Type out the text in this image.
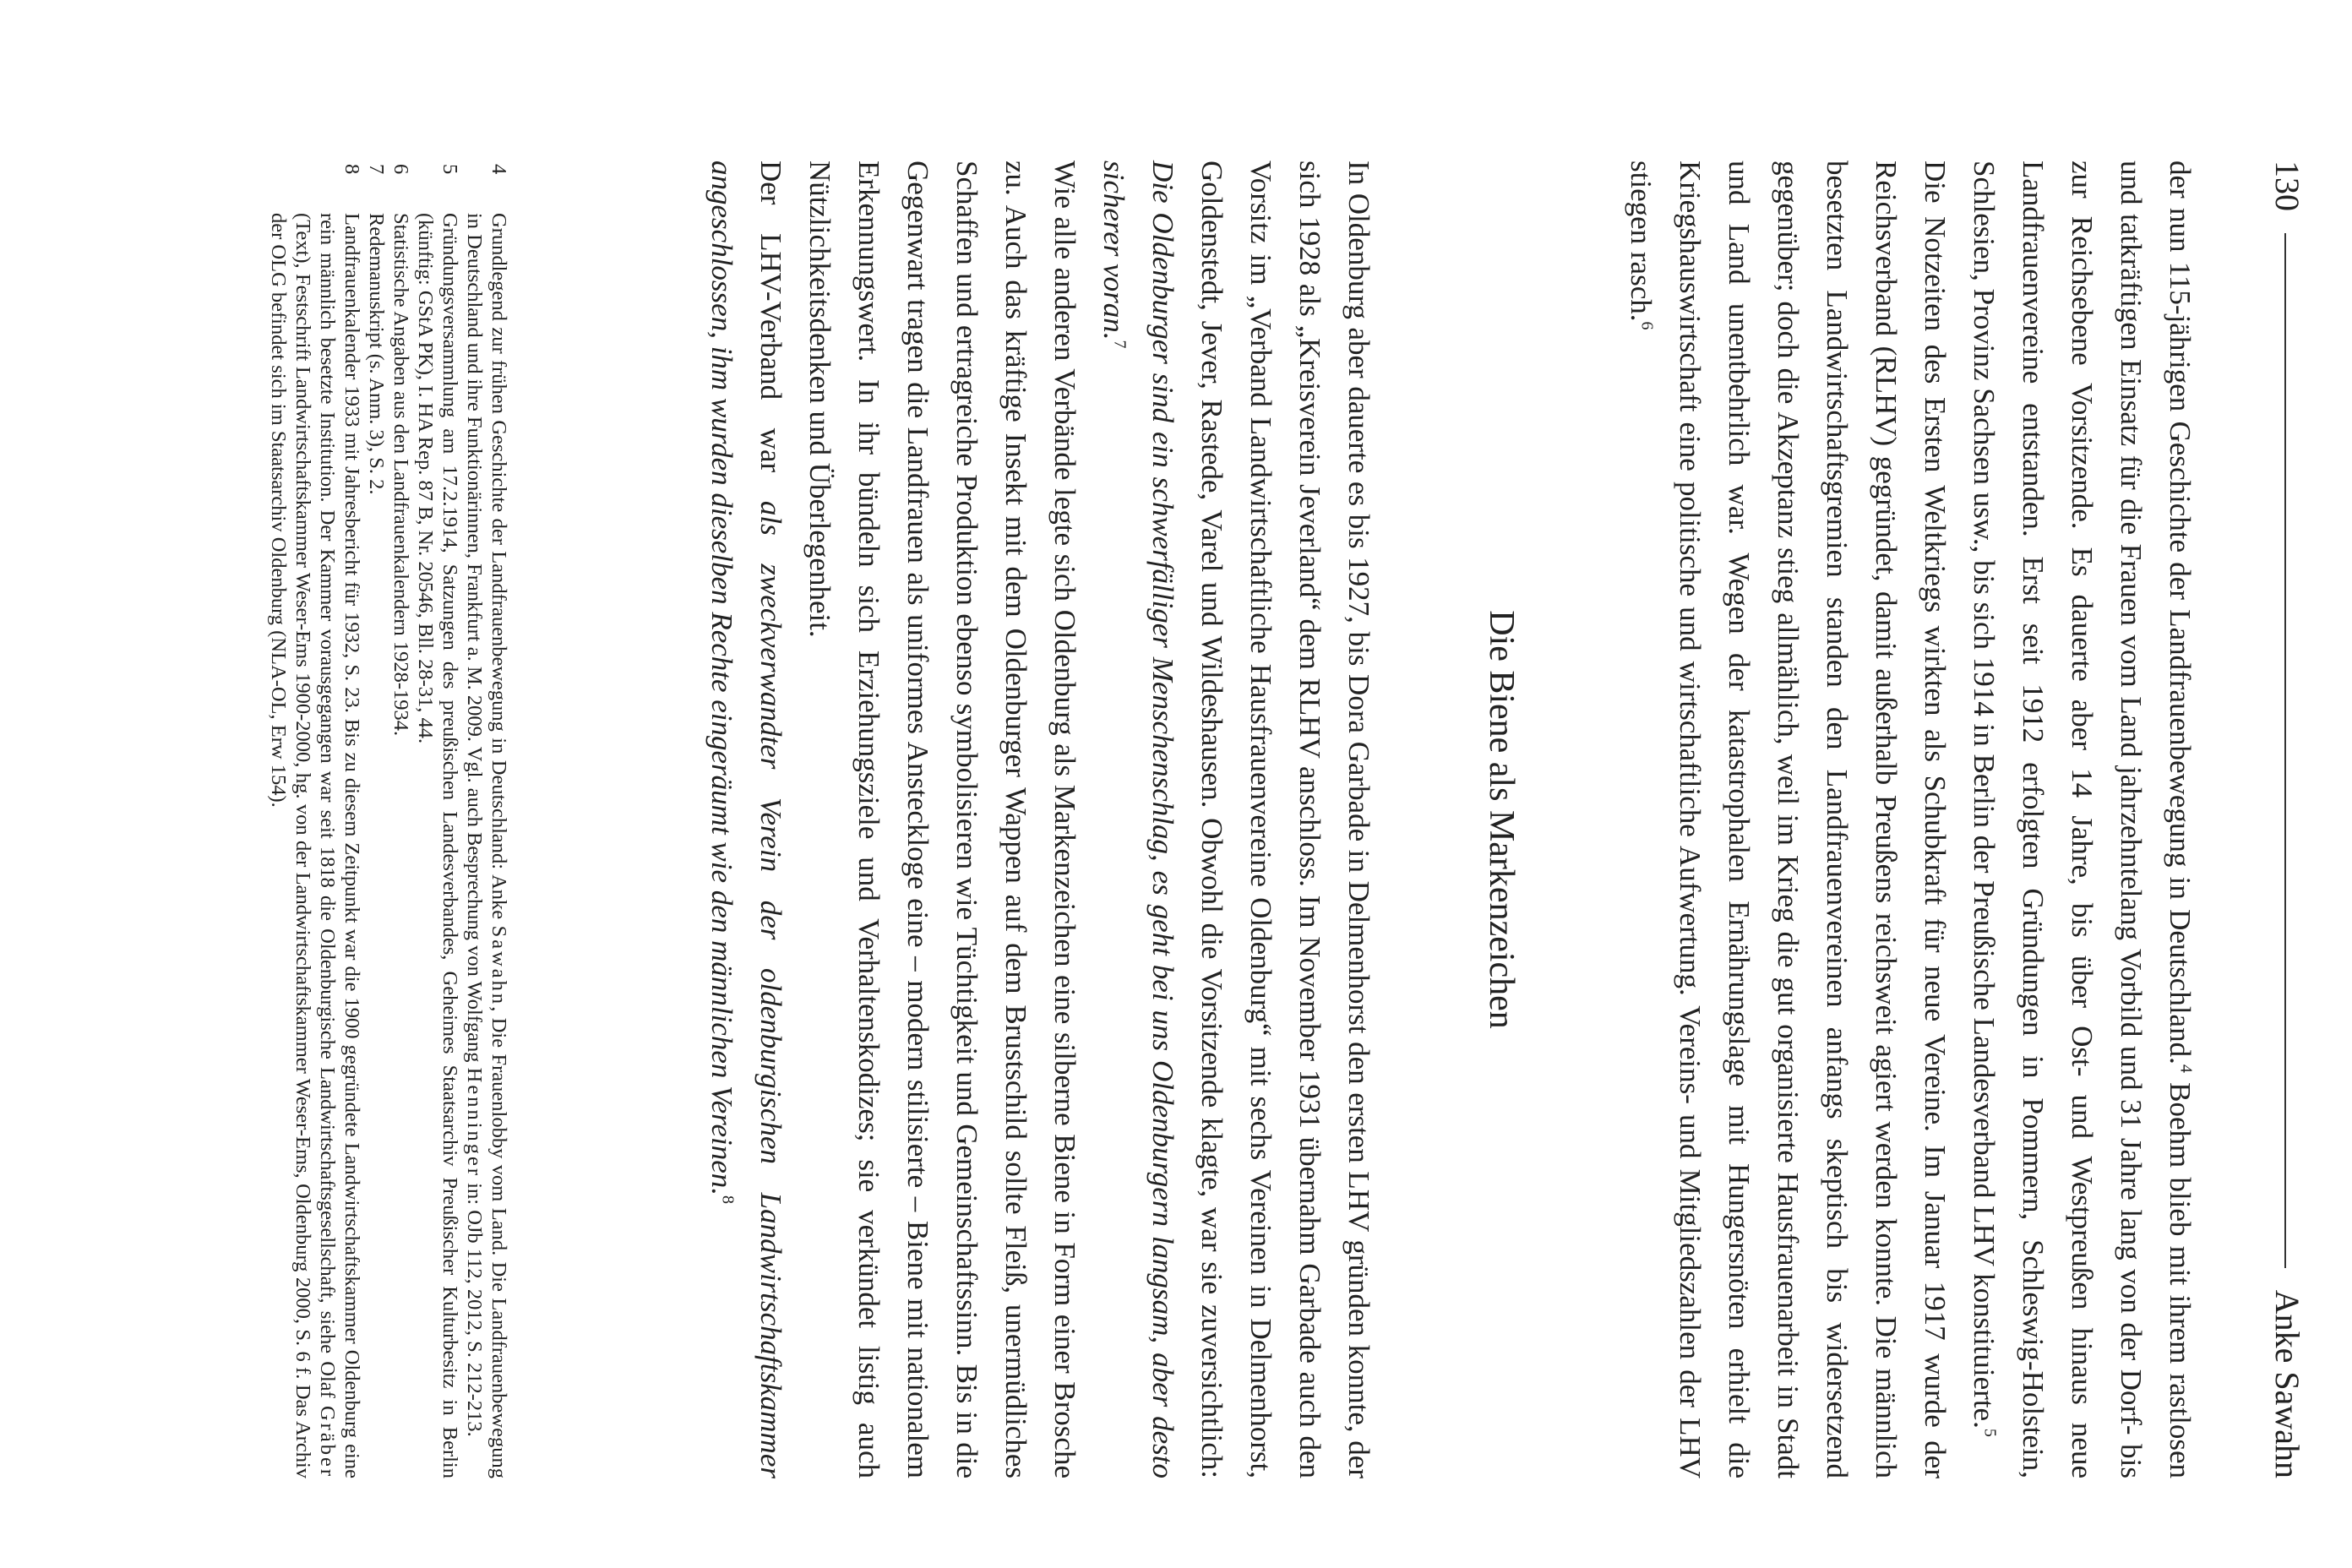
130
Anke Sawahn

der nun 115-jährigen Geschichte der Landfrauenbewegung in Deutschland.$^4$ Boehm blieb mit ihrem rastlosen und tatkräftigen Einsatz für die Frauen vom Land jahrzehntelang Vorbild und 31 Jahre lang von der Dorf- bis zur Reichsebene Vorsitzende. Es dauerte aber 14 Jahre, bis über Ost- und Westpreußen hinaus neue Landfrauenvereine entstanden. Erst seit 1912 erfolgten Gründungen in Pommern, Schleswig-Holstein, Schlesien, Provinz Sachsen usw., bis sich 1914 in Berlin der Preußische Landesverband LHV konstituierte.$^5$

Die Notzeiten des Ersten Weltkriegs wirkten als Schubkraft für neue Vereine. Im Januar 1917 wurde der Reichsverband (RLHV) gegründet, damit außerhalb Preußens reichsweit agiert werden konnte. Die männlich besetzten Landwirtschaftsgremien standen den Landfrauenvereinen anfangs skeptisch bis widersetzend gegenüber; doch die Akzeptanz stieg allmählich, weil im Krieg die gut organisierte Hausfrauenarbeit in Stadt und Land unentbehrlich war. Wegen der katastrophalen Ernährungslage mit Hungersnöten erhielt die Kriegshauswirtschaft eine politische und wirtschaftliche Aufwertung. Vereins- und Mitgliedszahlen der LHV stiegen rasch.$^6$

Die Biene als Markenzeichen

In Oldenburg aber dauerte es bis 1927, bis Dora Garbade in Delmenhorst den ersten LHV gründen konnte, der sich 1928 als „Kreisverein Jeverland“ dem RLHV anschloss. Im November 1931 übernahm Garbade auch den Vorsitz im „Verband Landwirtschaftliche Hausfrauenvereine Oldenburg“ mit sechs Vereinen in Delmenhorst, Goldenstedt, Jever, Rastede, Varel und Wildeshausen. Obwohl die Vorsitzende klagte, war sie zuversichtlich: Die Oldenburger sind ein schwerfälliger Menschenschlag, es geht bei uns Oldenburgern langsam, aber desto sicherer voran.$^7$

Wie alle anderen Verbände legte sich Oldenburg als Markenzeichen eine silberne Biene in Form einer Brosche zu. Auch das kräftige Insekt mit dem Oldenburger Wappen auf dem Brustschild sollte Fleiß, unermüdliches Schaffen und ertragreiche Produktion ebenso symbolisieren wie Tüchtigkeit und Gemeinschaftssinn. Bis in die Gegenwart tragen die Landfrauen als uniformes Ansteckloge eine – modern stilisierte – Biene mit nationalem Erkennungswert. In ihr bündeln sich Erziehungsziele und Verhaltenskodizes; sie verkündet listig auch Nützlichkeitsdenken und Überlegenheit.

Der LHV-Verband war als zweckverwandter Verein der oldenburgischen Landwirtschaftskammer angeschlossen, ihm wurden dieselben Rechte eingeräumt wie den männlichen Vereinen.$^8$

4
Grundlegend zur frühen Geschichte der Landfrauenbewegung in Deutschland: Anke Sawahn, Die Frauenlobby vom Land. Die Landfrauenbewegung in Deutschland und ihre Funktionärinnen, Frankfurt a. M. 2009. Vgl. auch Besprechung von Wolfgang Henninger in: OJb 112, 2012, S. 212-213.
5
Gründungsversammlung am 17.2.1914, Satzungen des preußischen Landesverbandes, Geheimes Staatsarchiv Preußischer Kulturbesitz in Berlin (künftig: GStA PK), I. HA Rep. 87 B, Nr. 20546, Bll. 28-31, 44.
6
Statistische Angaben aus den Landfrauenkalendern 1928-1934.
7
Redemanuskript (s. Anm. 3), S. 2.
8
Landfrauenkalender 1933 mit Jahresbericht für 1932, S. 23. Bis zu diesem Zeitpunkt war die 1900 gegründete Landwirtschaftskammer Oldenburg eine rein männlich besetzte Institution. Der Kammer vorausgegangen war seit 1818 die Oldenburgische Landwirtschaftsgesellschaft, siehe Olaf Gräber (Text), Festschrift Landwirtschaftskammer Weser-Ems 1900-2000, hg. von der Landwirtschaftskammer Weser-Ems, Oldenburg 2000, S. 6 f. Das Archiv der OLG befindet sich im Staatsarchiv Oldenburg (NLA-OL, Erw 154).
